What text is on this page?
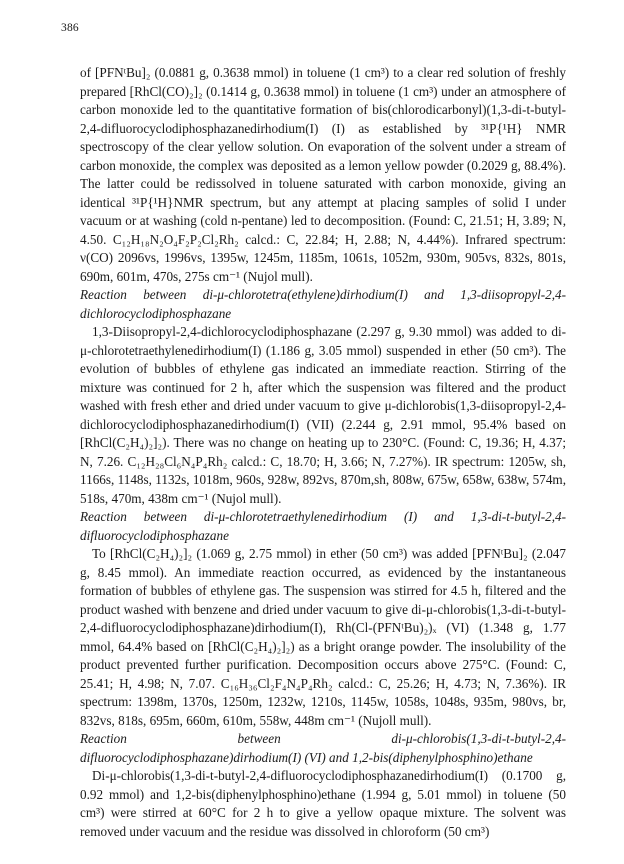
386

of [PFNᵗBu]₂ (0.0881 g, 0.3638 mmol) in toluene (1 cm³) to a clear red solution of freshly prepared [RhCl(CO)₂]₂ (0.1414 g, 0.3638 mmol) in toluene (1 cm³) under an atmosphere of carbon monoxide led to the quantitative formation of bis(chlorodicarbonyl)(1,3-di-t-butyl-2,4-difluorocyclodiphosphazanedirhodium(I) (I) as established by ³¹P{¹H} NMR spectroscopy of the clear yellow solution. On evaporation of the solvent under a stream of carbon monoxide, the complex was deposited as a lemon yellow powder (0.2029 g, 88.4%). The latter could be redissolved in toluene saturated with carbon monoxide, giving an identical ³¹P{¹H}NMR spectrum, but any attempt at placing samples of solid I under vacuum or at washing (cold n-pentane) led to decomposition. (Found: C, 21.51; H, 3.89; N, 4.50. C₁₂H₁₈N₂O₄F₂P₂Cl₂Rh₂ calcd.: C, 22.84; H, 2.88; N, 4.44%). Infrared spectrum: ν(CO) 2096vs, 1996vs, 1395w, 1245m, 1185m, 1061s, 1052m, 930m, 905vs, 832s, 801s, 690m, 601m, 470s, 275s cm⁻¹ (Nujol mull).

Reaction between di-μ-chlorotetra(ethylene)dirhodium(I) and 1,3-diisopropyl-2,4-dichlorocyclodiphosphazane

1,3-Diisopropyl-2,4-dichlorocyclodiphosphazane (2.297 g, 9.30 mmol) was added to di-μ-chlorotetraethylenedirhodium(I) (1.186 g, 3.05 mmol) suspended in ether (50 cm³). The evolution of bubbles of ethylene gas indicated an immediate reaction. Stirring of the mixture was continued for 2 h, after which the suspension was filtered and the product washed with fresh ether and dried under vacuum to give μ-dichlorobis(1,3-diisopropyl-2,4-dichlorocyclodiphosphazanedirhodium(I) (VII) (2.244 g, 2.91 mmol, 95.4% based on [RhCl(C₂H₄)₂]₂). There was no change on heating up to 230°C. (Found: C, 19.36; H, 4.37; N, 7.26. C₁₂H₂₈Cl₆N₄P₄Rh₂ calcd.: C, 18.70; H, 3.66; N, 7.27%). IR spectrum: 1205w, sh, 1166s, 1148s, 1132s, 1018m, 960s, 928w, 892vs, 870m,sh, 808w, 675w, 658w, 638w, 574m, 518s, 470m, 438m cm⁻¹ (Nujol mull).

Reaction between di-μ-chlorotetraethylenedirhodium (I) and 1,3-di-t-butyl-2,4-difluorocyclodiphosphazane

To [RhCl(C₂H₄)₂]₂ (1.069 g, 2.75 mmol) in ether (50 cm³) was added [PFNᵗBu]₂ (2.047 g, 8.45 mmol). An immediate reaction occurred, as evidenced by the instantaneous formation of bubbles of ethylene gas. The suspension was stirred for 4.5 h, filtered and the product washed with benzene and dried under vacuum to give di-μ-chlorobis(1,3-di-t-butyl-2,4-difluorocyclodiphosphazane)dirhodium(I), Rh(Cl-(PFNᵗBu)₂)ₓ (VI) (1.348 g, 1.77 mmol, 64.4% based on [RhCl(C₂H₄)₂]₂) as a bright orange powder. The insolubility of the product prevented further purification. Decomposition occurs above 275°C. (Found: C, 25.41; H, 4.98; N, 7.07. C₁₆H₃₆Cl₂F₄N₄P₄Rh₂ calcd.: C, 25.26; H, 4.73; N, 7.36%). IR spectrum: 1398m, 1370s, 1250m, 1232w, 1210s, 1145w, 1058s, 1048s, 935m, 980vs, br, 832vs, 818s, 695m, 660m, 610m, 558w, 448m cm⁻¹ (Nujoll mull).

Reaction between di-μ-chlorobis(1,3-di-t-butyl-2,4-difluorocyclodiphosphazane)dirhodium(I) (VI) and 1,2-bis(diphenylphosphino)ethane

Di-μ-chlorobis(1,3-di-t-butyl-2,4-difluorocyclodiphosphazanedirhodium(I) (0.1700 g, 0.92 mmol) and 1,2-bis(diphenylphosphino)ethane (1.994 g, 5.01 mmol) in toluene (50 cm³) were stirred at 60°C for 2 h to give a yellow opaque mixture. The solvent was removed under vacuum and the residue was dissolved in chloroform (50 cm³)
